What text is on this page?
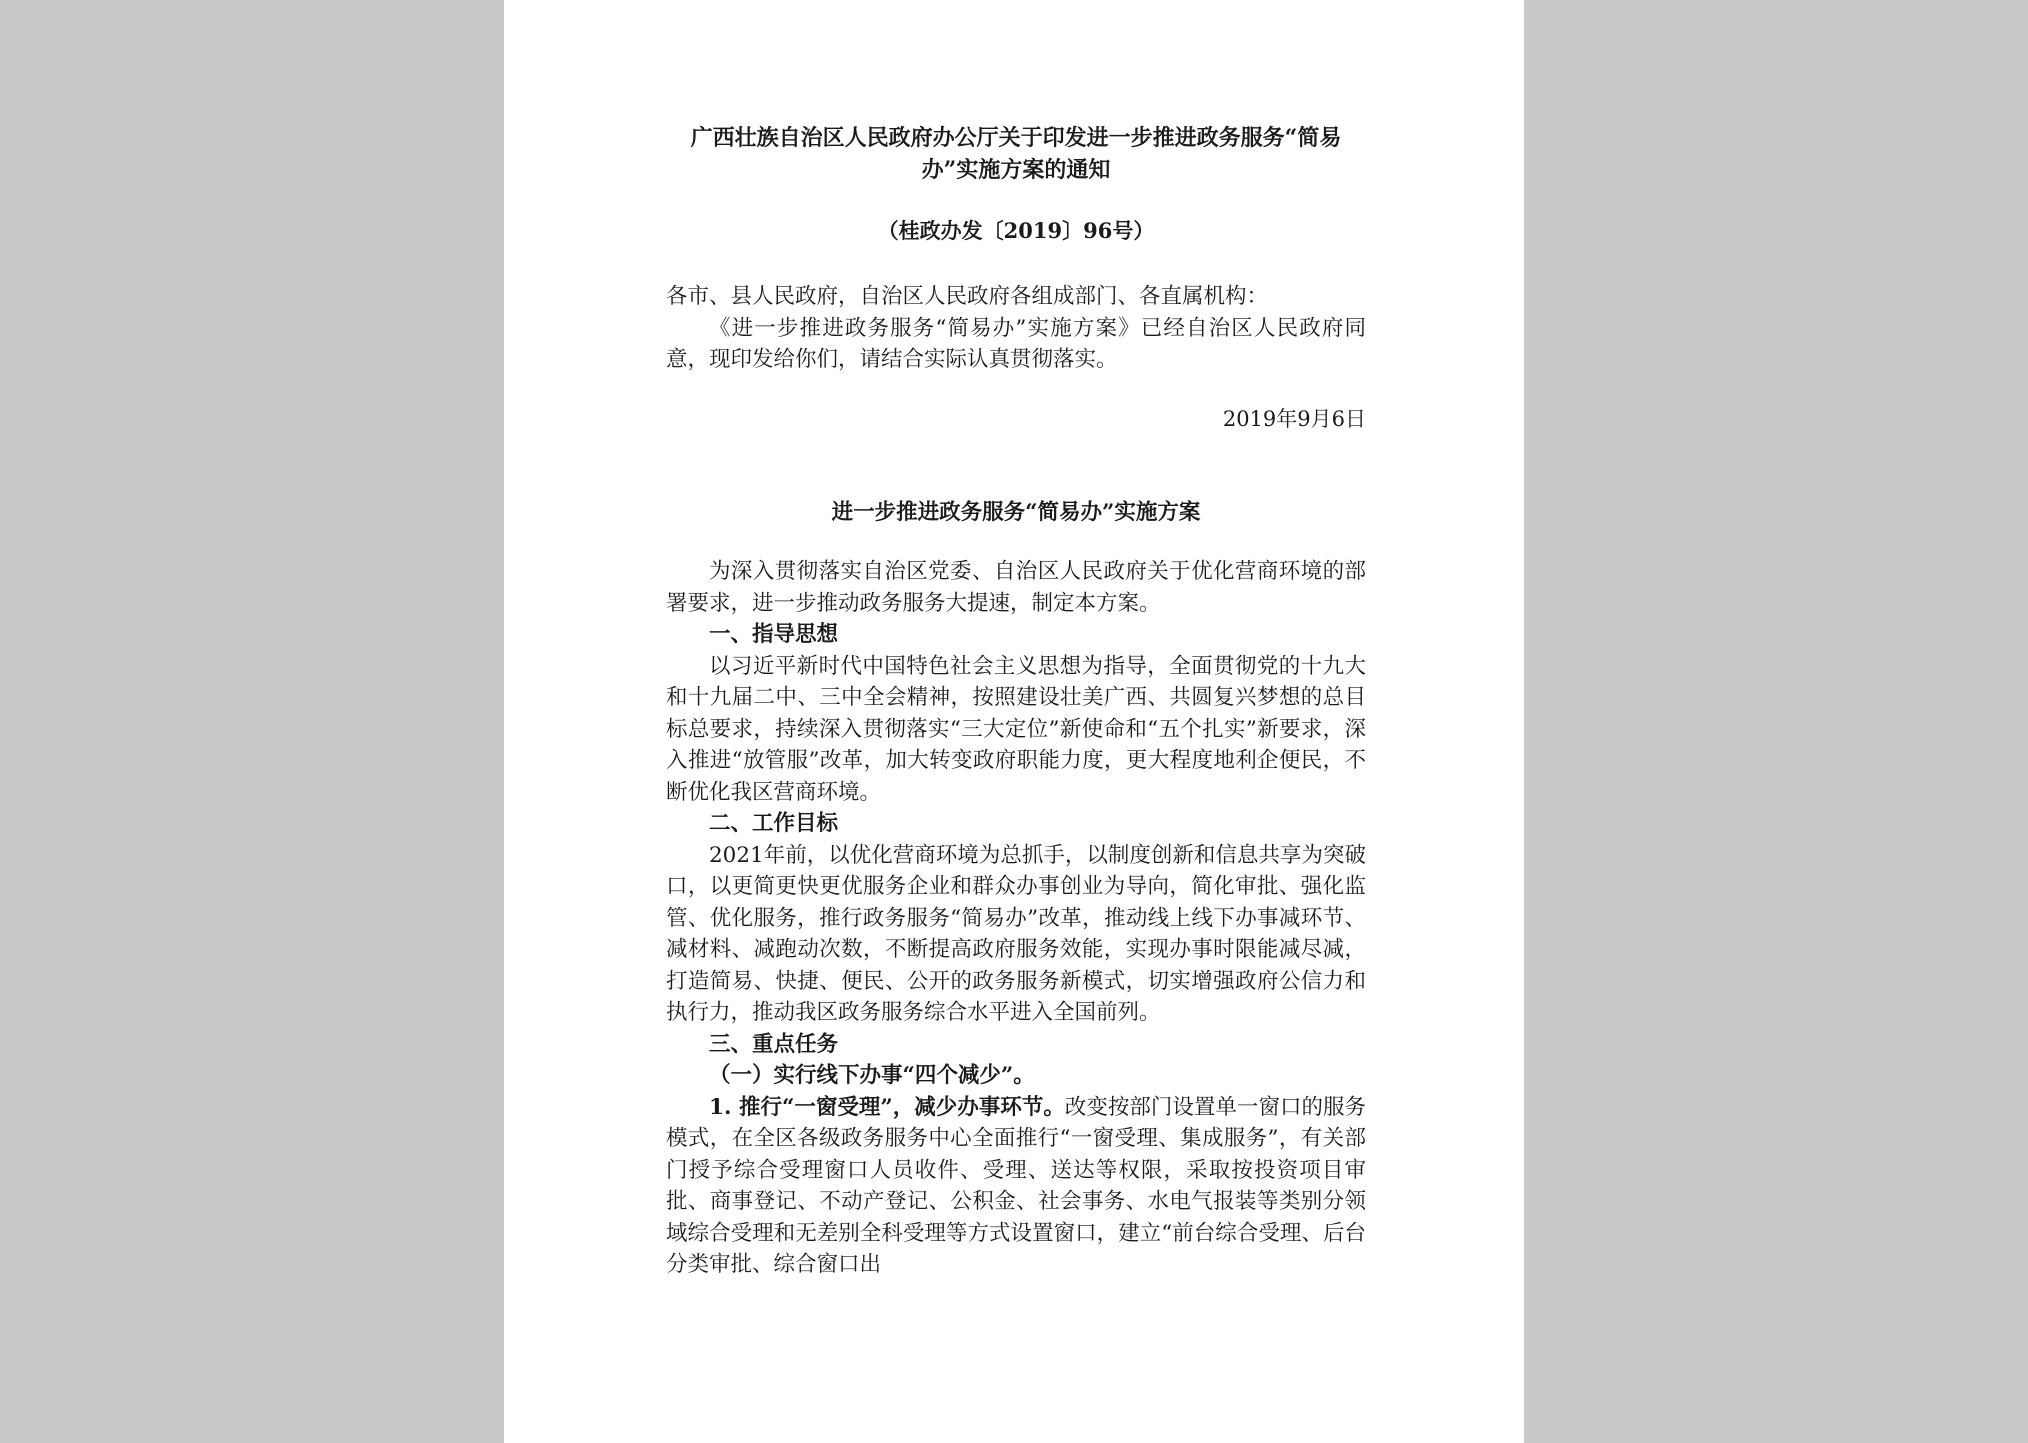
广西壮族自治区人民政府办公厅关于印发进一步推进政务服务“简易办”实施方案的通知
（桂政办发〔2019〕96号）

各市、县人民政府，自治区人民政府各组成部门、各直属机构：

《进一步推进政务服务“简易办”实施方案》已经自治区人民政府同意，现印发给你们，请结合实际认真贯彻落实。

2019年9月6日
进一步推进政务服务“简易办”实施方案

为深入贯彻落实自治区党委、自治区人民政府关于优化营商环境的部署要求，进一步推动政务服务大提速，制定本方案。

一、指导思想

以习近平新时代中国特色社会主义思想为指导，全面贯彻党的十九大和十九届二中、三中全会精神，按照建设壮美广西、共圆复兴梦想的总目标总要求，持续深入贯彻落实“三大定位”新使命和“五个扎实”新要求，深入推进“放管服”改革，加大转变政府职能力度，更大程度地利企便民，不断优化我区营商环境。

二、工作目标

2021年前，以优化营商环境为总抓手，以制度创新和信息共享为突破口，以更简更快更优服务企业和群众办事创业为导向，简化审批、强化监管、优化服务，推行政务服务“简易办”改革，推动线上线下办事减环节、减材料、减跑动次数，不断提高政府服务效能，实现办事时限能减尽减，打造简易、快捷、便民、公开的政务服务新模式，切实增强政府公信力和执行力，推动我区政务服务综合水平进入全国前列。

三、重点任务

（一）实行线下办事“四个减少”。

1. 推行“一窗受理”，减少办事环节。改变按部门设置单一窗口的服务模式，在全区各级政务服务中心全面推行“一窗受理、集成服务”，有关部门授予综合受理窗口人员收件、受理、送达等权限，采取按投资项目审批、商事登记、不动产登记、公积金、社会事务、水电气报装等类别分领域综合受理和无差别全科受理等方式设置窗口，建立“前台综合受理、后台分类审批、综合窗口出
